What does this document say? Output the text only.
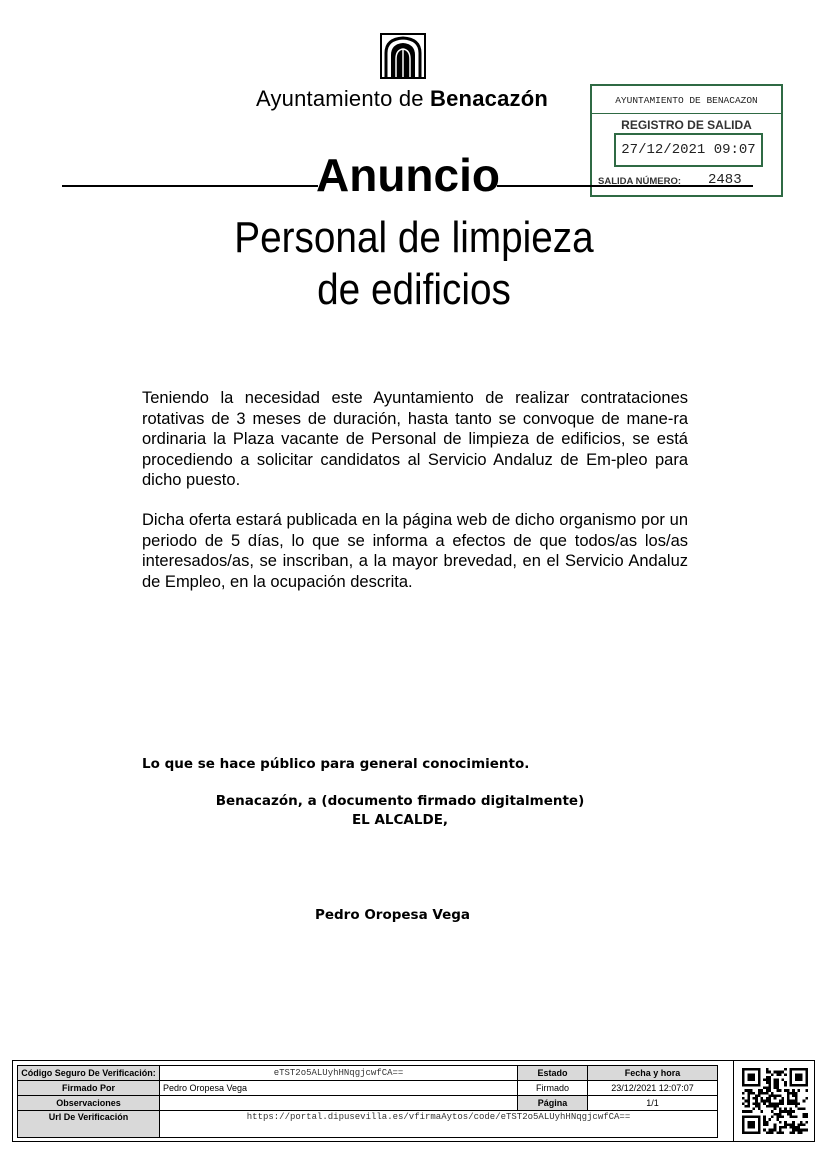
Ayuntamiento de Benacazón	AYUNTAMIENTO DE BENACAZON
REGISTRO DE SALIDA
27/12/2021 09:07
SALIDA NÚMERO: 2483
Anuncio
Personal de limpieza
de edificios
Teniendo la necesidad este Ayuntamiento de realizar contrataciones rotativas de 3 meses de duración, hasta tanto se convoque de mane-ra ordinaria la Plaza vacante de Personal de limpieza de edificios, se está procediendo a solicitar candidatos al Servicio Andaluz de Em-pleo para dicho puesto.
Dicha oferta estará publicada en la página web de dicho organismo por un periodo de 5 días, lo que se informa a efectos de que todos/as los/as interesados/as, se inscriban, a la mayor brevedad, en el Servicio Andaluz de Empleo, en la ocupación descrita.
Lo que se hace público para general conocimiento.
Benacazón, a (documento firmado digitalmente)
EL ALCALDE,
Pedro Oropesa Vega
Código Seguro De Verificación:	eTST2o5ALUyhHNqgjcwfCA==	Estado	Fecha y hora
Firmado Por	Pedro Oropesa Vega	Firmado	23/12/2021 12:07:07
Observaciones		Página	1/1
Url De Verificación	https://portal.dipusevilla.es/vfirmaAytos/code/eTST2o5ALUyhHNqgjcwfCA==		
